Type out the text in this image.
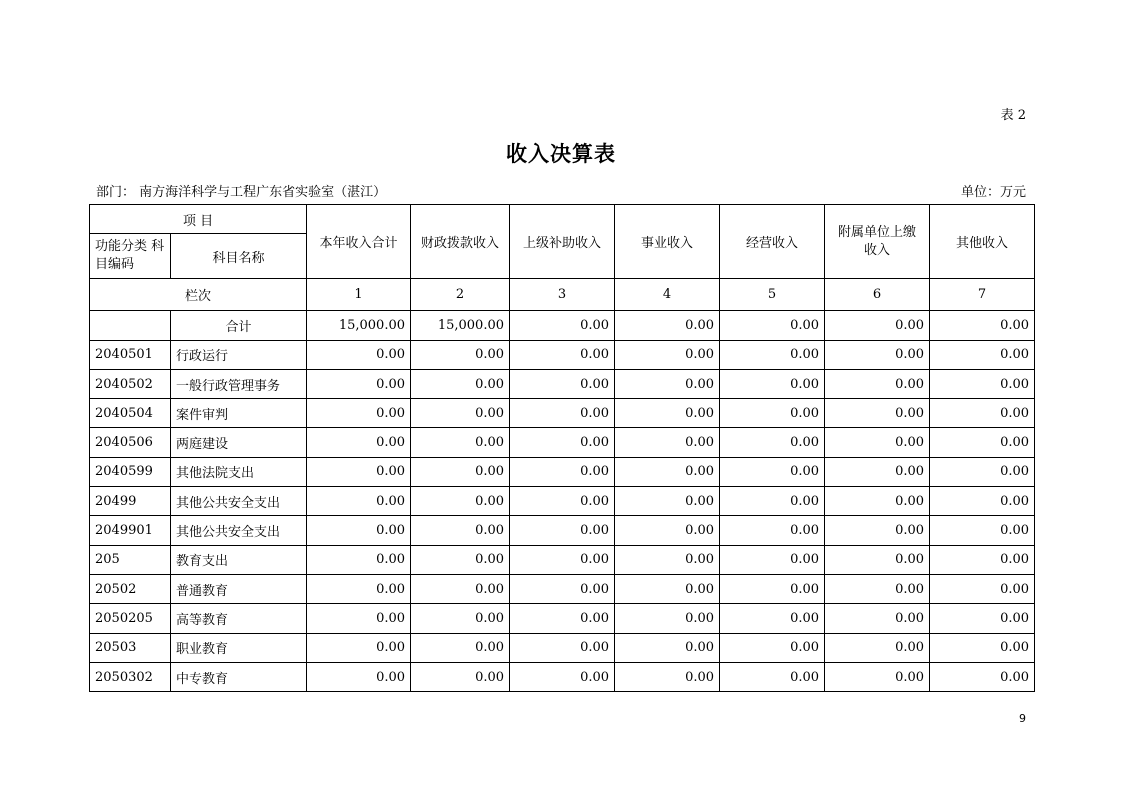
表 2
收入决算表
部门： 南方海洋科学与工程广东省实验室（湛江）	单位：万元
项 目		本年收入合计	财政拨款收入	上级补助收入	事业收入	经营收入	附属单位上缴 收入	其他收入
功能分类 科目编码	科目名称							
栏次		1	2	3	4	5	6	7
	合计	15,000.00	15,000.00	0.00	0.00	0.00	0.00	0.00
2040501	行政运行	0.00	0.00	0.00	0.00	0.00	0.00	0.00
2040502	一般行政管理事务	0.00	0.00	0.00	0.00	0.00	0.00	0.00
2040504	案件审判	0.00	0.00	0.00	0.00	0.00	0.00	0.00
2040506	两庭建设	0.00	0.00	0.00	0.00	0.00	0.00	0.00
2040599	其他法院支出	0.00	0.00	0.00	0.00	0.00	0.00	0.00
20499	其他公共安全支出	0.00	0.00	0.00	0.00	0.00	0.00	0.00
2049901	其他公共安全支出	0.00	0.00	0.00	0.00	0.00	0.00	0.00
205	教育支出	0.00	0.00	0.00	0.00	0.00	0.00	0.00
20502	普通教育	0.00	0.00	0.00	0.00	0.00	0.00	0.00
2050205	高等教育	0.00	0.00	0.00	0.00	0.00	0.00	0.00
20503	职业教育	0.00	0.00	0.00	0.00	0.00	0.00	0.00
2050302	中专教育	0.00	0.00	0.00	0.00	0.00	0.00	0.00
9
